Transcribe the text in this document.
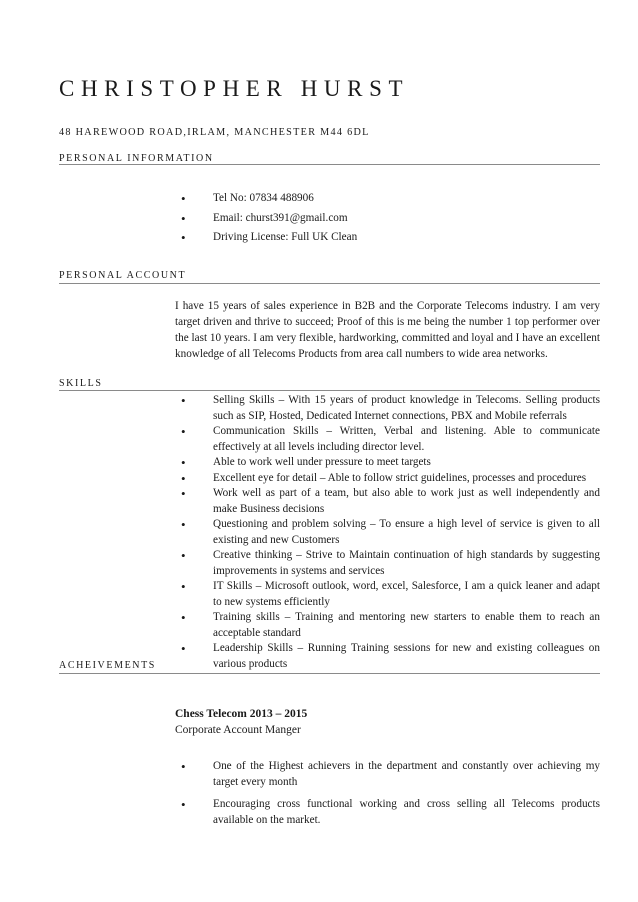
CHRISTOPHER HURST
48 HAREWOOD ROAD,IRLAM, MANCHESTER M44 6DL
PERSONAL INFORMATION
• Tel No: 07834 488906
• Email: churst391@gmail.com
• Driving License: Full UK Clean
PERSONAL ACCOUNT
I have 15 years of sales experience in B2B and the Corporate Telecoms industry. I am very target driven and thrive to succeed; Proof of this is me being the number 1 top performer over the last 10 years. I am very flexible, hardworking, committed and loyal and I have an excellent knowledge of all Telecoms Products from area call numbers to wide area networks.
SKILLS
• Selling Skills – With 15 years of product knowledge in Telecoms. Selling products such as SIP, Hosted, Dedicated Internet connections, PBX and Mobile referrals
• Communication Skills – Written, Verbal and listening. Able to communicate effectively at all levels including director level.
• Able to work well under pressure to meet targets
• Excellent eye for detail – Able to follow strict guidelines, processes and procedures
• Work well as part of a team, but also able to work just as well independently and make Business decisions
• Questioning and problem solving – To ensure a high level of service is given to all existing and new Customers
• Creative thinking – Strive to Maintain continuation of high standards by suggesting improvements in systems and services
• IT Skills – Microsoft outlook, word, excel, Salesforce, I am a quick leaner and adapt to new systems efficiently
• Training skills – Training and mentoring new starters to enable them to reach an acceptable standard
• Leadership Skills – Running Training sessions for new and existing colleagues on various products
ACHEIVEMENTS
Chess Telecom 2013 – 2015
Corporate Account Manger
• One of the Highest achievers in the department and constantly over achieving my target every month
• Encouraging cross functional working and cross selling all Telecoms products available on the market.
